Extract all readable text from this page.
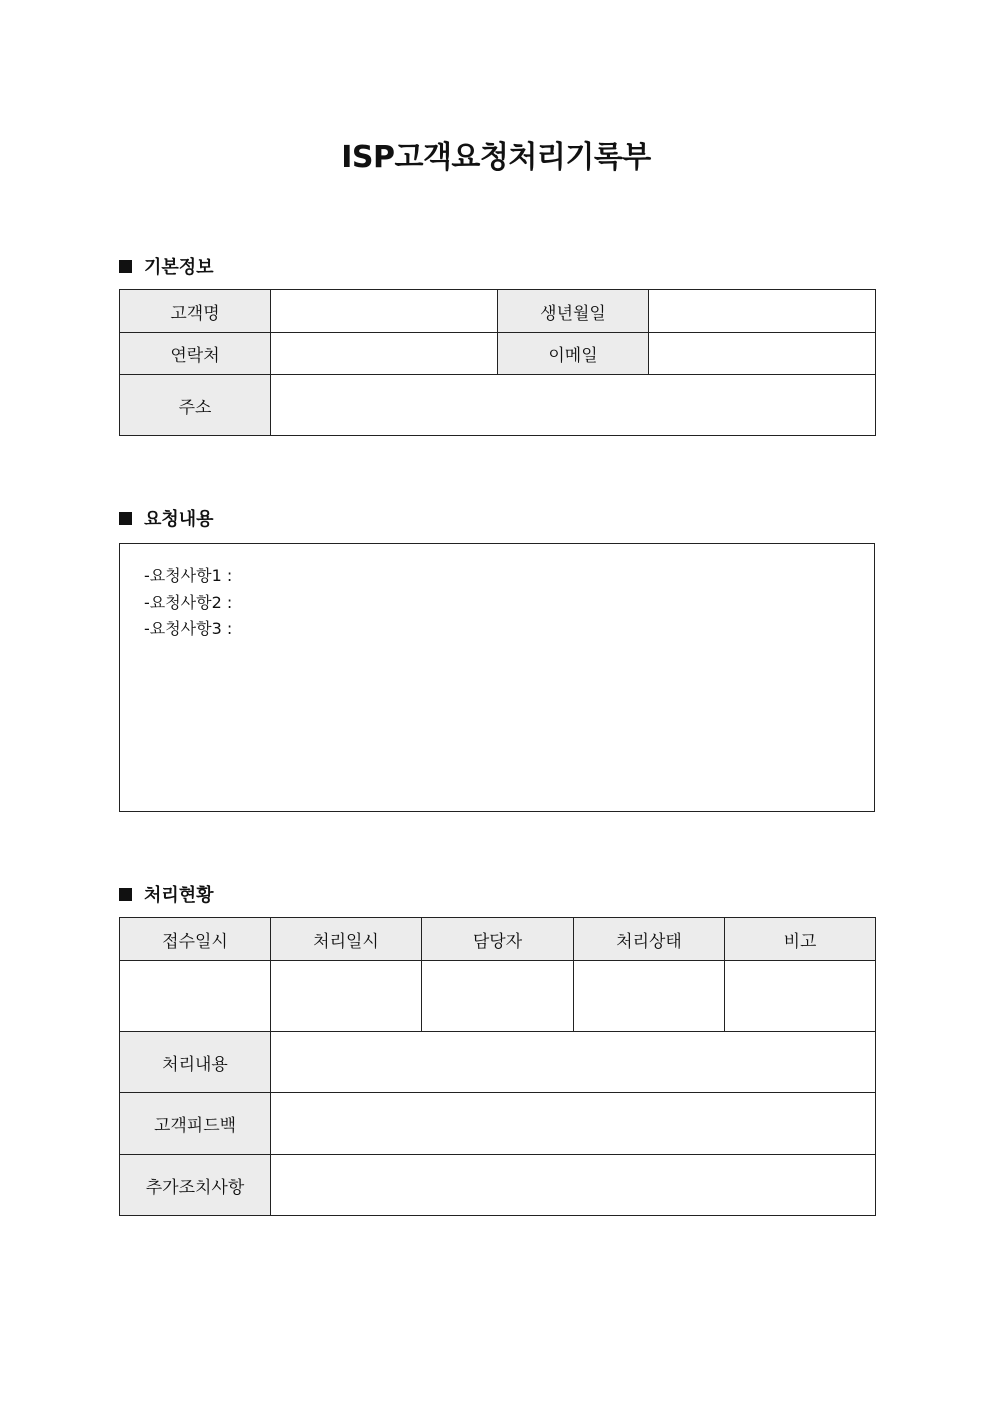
ISP고객요청처리기록부
기본정보
고객명		생년월일	
연락처		이메일	
주소			
요청내용
-요청사항1 :
-요청사항2 :
-요청사항3 :
처리현황
접수일시	처리일시	담당자	처리상태	비고

처리내용				
고객피드백				
추가조치사항				
